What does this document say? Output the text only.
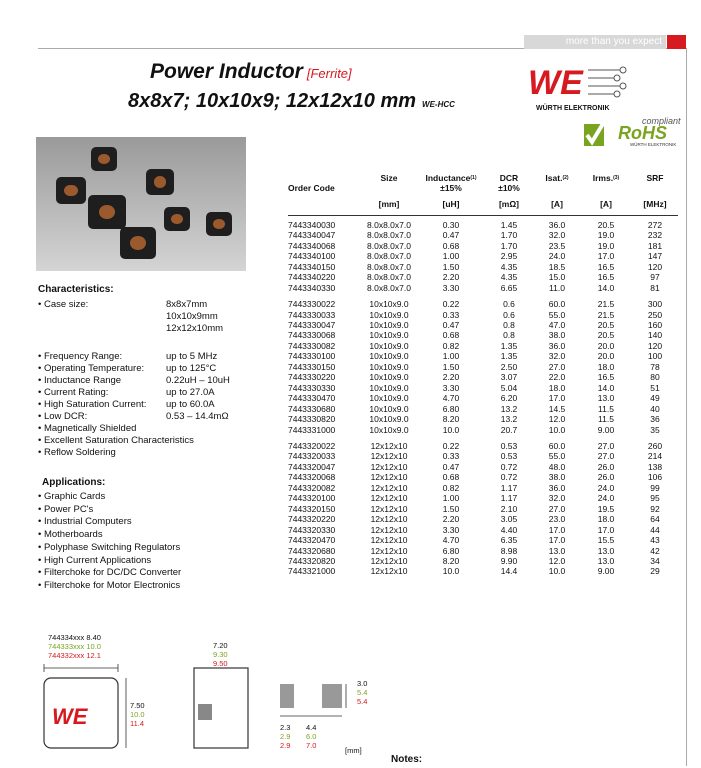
more than you expect
Power Inductor [Ferrite]
8x8x7; 10x10x9; 12x12x10 mm WE-HCC
WE
WÜRTH ELEKTRONIK
compliant
RoHS
WÜRTH ELEKTRONIK
Characteristics:
• Case size:	8x8x7mm
10x10x9mm
12x12x10mm
• Frequency Range:	up to 5 MHz
• Operating Temperature: up to 125°C
• Inductance Range	0.22uH – 10uH
• Current Rating:	up to 27.0A
• High Saturation Current: up to 60.0A
• Low DCR:	0.53 – 14.4mΩ
• Magnetically Shielded
• Excellent Saturation Characteristics
• Reflow Soldering
Applications:
• Graphic Cards
• Power PC's
• Industrial Computers
• Motherboards
• Polyphase Switching Regulators
• High Current Applications
• Filterchoke for DC/DC Converter
• Filterchoke for Motor Electronics
	Size	Inductance$^{(1)}$	DCR	Isat.$^{(2)}$	Irms.$^{(3)}$	SRF
Order Code		±15%	±10%			
	[mm]	[uH]	[mΩ]	[A]	[A]	[MHz]
7443340030	8.0x8.0x7.0	0.30	1.45	36.0	20.5	272
7443340047	8.0x8.0x7.0	0.47	1.70	32.0	19.0	232
7443340068	8.0x8.0x7.0	0.68	1.70	23.5	19.0	181
7443340100	8.0x8.0x7.0	1.00	2.95	24.0	17.0	147
7443340150	8.0x8.0x7.0	1.50	4.35	18.5	16.5	120
7443340220	8.0x8.0x7.0	2.20	4.35	15.0	16.5	97
7443340330	8.0x8.0x7.0	3.30	6.65	11.0	14.0	81
7443330022	10x10x9.0	0.22	0.6	60.0	21.5	300
7443330033	10x10x9.0	0.33	0.6	55.0	21.5	250
7443330047	10x10x9.0	0.47	0.8	47.0	20.5	160
7443330068	10x10x9.0	0.68	0.8	38.0	20.5	140
7443330082	10x10x9.0	0.82	1.35	36.0	20.0	120
7443330100	10x10x9.0	1.00	1.35	32.0	20.0	100
7443330150	10x10x9.0	1.50	2.50	27.0	18.0	78
7443330220	10x10x9.0	2.20	3.07	22.0	16.5	80
7443330330	10x10x9.0	3.30	5.04	18.0	14.0	51
7443330470	10x10x9.0	4.70	6.20	17.0	13.0	49
7443330680	10x10x9.0	6.80	13.2	14.5	11.5	40
7443330820	10x10x9.0	8.20	13.2	12.0	11.5	36
7443331000	10x10x9.0	10.0	20.7	10.0	9.00	35
7443320022	12x12x10	0.22	0.53	60.0	27.0	260
7443320033	12x12x10	0.33	0.53	55.0	27.0	214
7443320047	12x12x10	0.47	0.72	48.0	26.0	138
7443320068	12x12x10	0.68	0.72	38.0	26.0	106
7443320082	12x12x10	0.82	1.17	36.0	24.0	99
7443320100	12x12x10	1.00	1.17	32.0	24.0	95
7443320150	12x12x10	1.50	2.10	27.0	19.5	92
7443320220	12x12x10	2.20	3.05	23.0	18.0	64
7443320330	12x12x10	3.30	4.40	17.0	17.0	44
7443320470	12x12x10	4.70	6.35	17.0	15.5	43
7443320680	12x12x10	6.80	8.98	13.0	13.0	42
7443320820	12x12x10	8.20	9.90	12.0	13.0	34
7443321000	12x12x10	10.0	14.4	10.0	9.00	29
744334xxx 8.40
744333xxx 10.0
744332xxx 12.1
WE	7.50
10.0
11.4
7.20
9.30
9.50
3.0
5.4
5.4
2.3
2.9
2.9
4.4
6.0
7.0
[mm]
Notes:
